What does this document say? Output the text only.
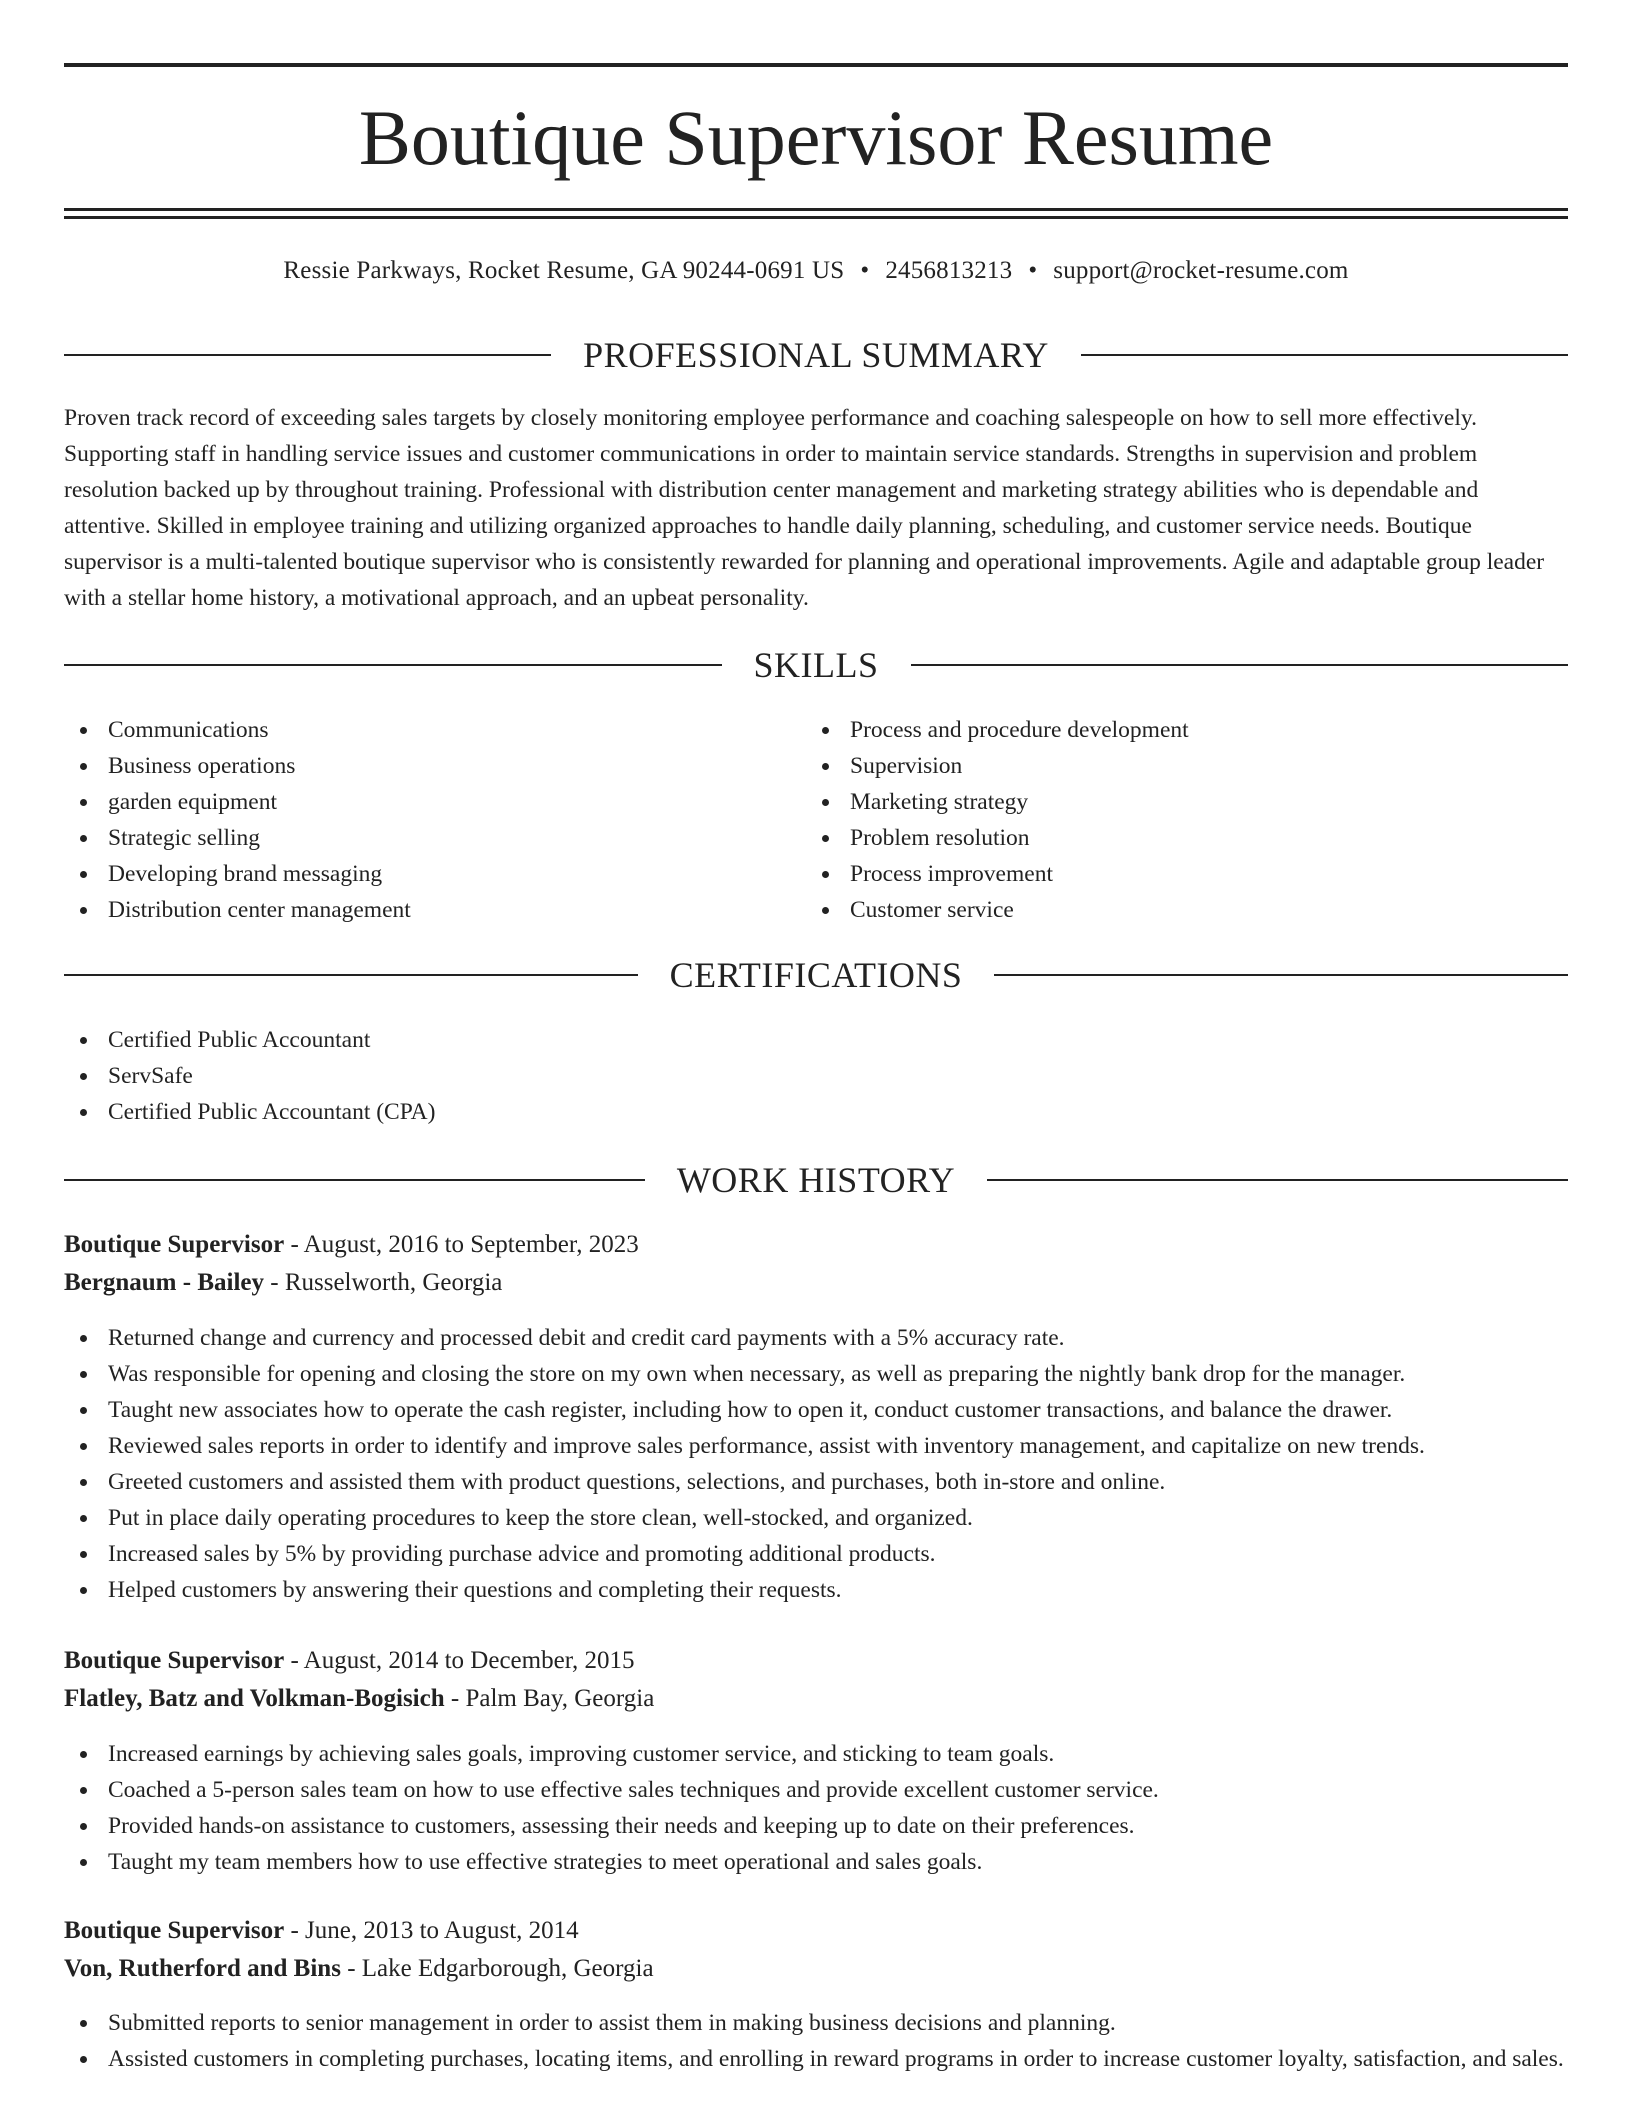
Boutique Supervisor Resume
Ressie Parkways, Rocket Resume, GA 90244-0691 US • 2456813213 • support@rocket-resume.com
PROFESSIONAL SUMMARY

Proven track record of exceeding sales targets by closely monitoring employee performance and coaching salespeople on how to sell more effectively. Supporting staff in handling service issues and customer communications in order to maintain service standards. Strengths in supervision and problem resolution backed up by throughout training. Professional with distribution center management and marketing strategy abilities who is dependable and attentive. Skilled in employee training and utilizing organized approaches to handle daily planning, scheduling, and customer service needs. Boutique supervisor is a multi-talented boutique supervisor who is consistently rewarded for planning and operational improvements. Agile and adaptable group leader with a stellar home history, a motivational approach, and an upbeat personality.

SKILLS
Communications
Business operations
garden equipment
Strategic selling
Developing brand messaging
Distribution center management
Process and procedure development
Supervision
Marketing strategy
Problem resolution
Process improvement
Customer service
CERTIFICATIONS
Certified Public Accountant
ServSafe
Certified Public Accountant (CPA)
WORK HISTORY
Boutique Supervisor - August, 2016 to September, 2023
Bergnaum - Bailey - Russelworth, Georgia
Returned change and currency and processed debit and credit card payments with a 5% accuracy rate.
Was responsible for opening and closing the store on my own when necessary, as well as preparing the nightly bank drop for the manager.
Taught new associates how to operate the cash register, including how to open it, conduct customer transactions, and balance the drawer.
Reviewed sales reports in order to identify and improve sales performance, assist with inventory management, and capitalize on new trends.
Greeted customers and assisted them with product questions, selections, and purchases, both in-store and online.
Put in place daily operating procedures to keep the store clean, well-stocked, and organized.
Increased sales by 5% by providing purchase advice and promoting additional products.
Helped customers by answering their questions and completing their requests.
Boutique Supervisor - August, 2014 to December, 2015
Flatley, Batz and Volkman-Bogisich - Palm Bay, Georgia
Increased earnings by achieving sales goals, improving customer service, and sticking to team goals.
Coached a 5-person sales team on how to use effective sales techniques and provide excellent customer service.
Provided hands-on assistance to customers, assessing their needs and keeping up to date on their preferences.
Taught my team members how to use effective strategies to meet operational and sales goals.
Boutique Supervisor - June, 2013 to August, 2014
Von, Rutherford and Bins - Lake Edgarborough, Georgia
Submitted reports to senior management in order to assist them in making business decisions and planning.
Assisted customers in completing purchases, locating items, and enrolling in reward programs in order to increase customer loyalty, satisfaction, and sales.
